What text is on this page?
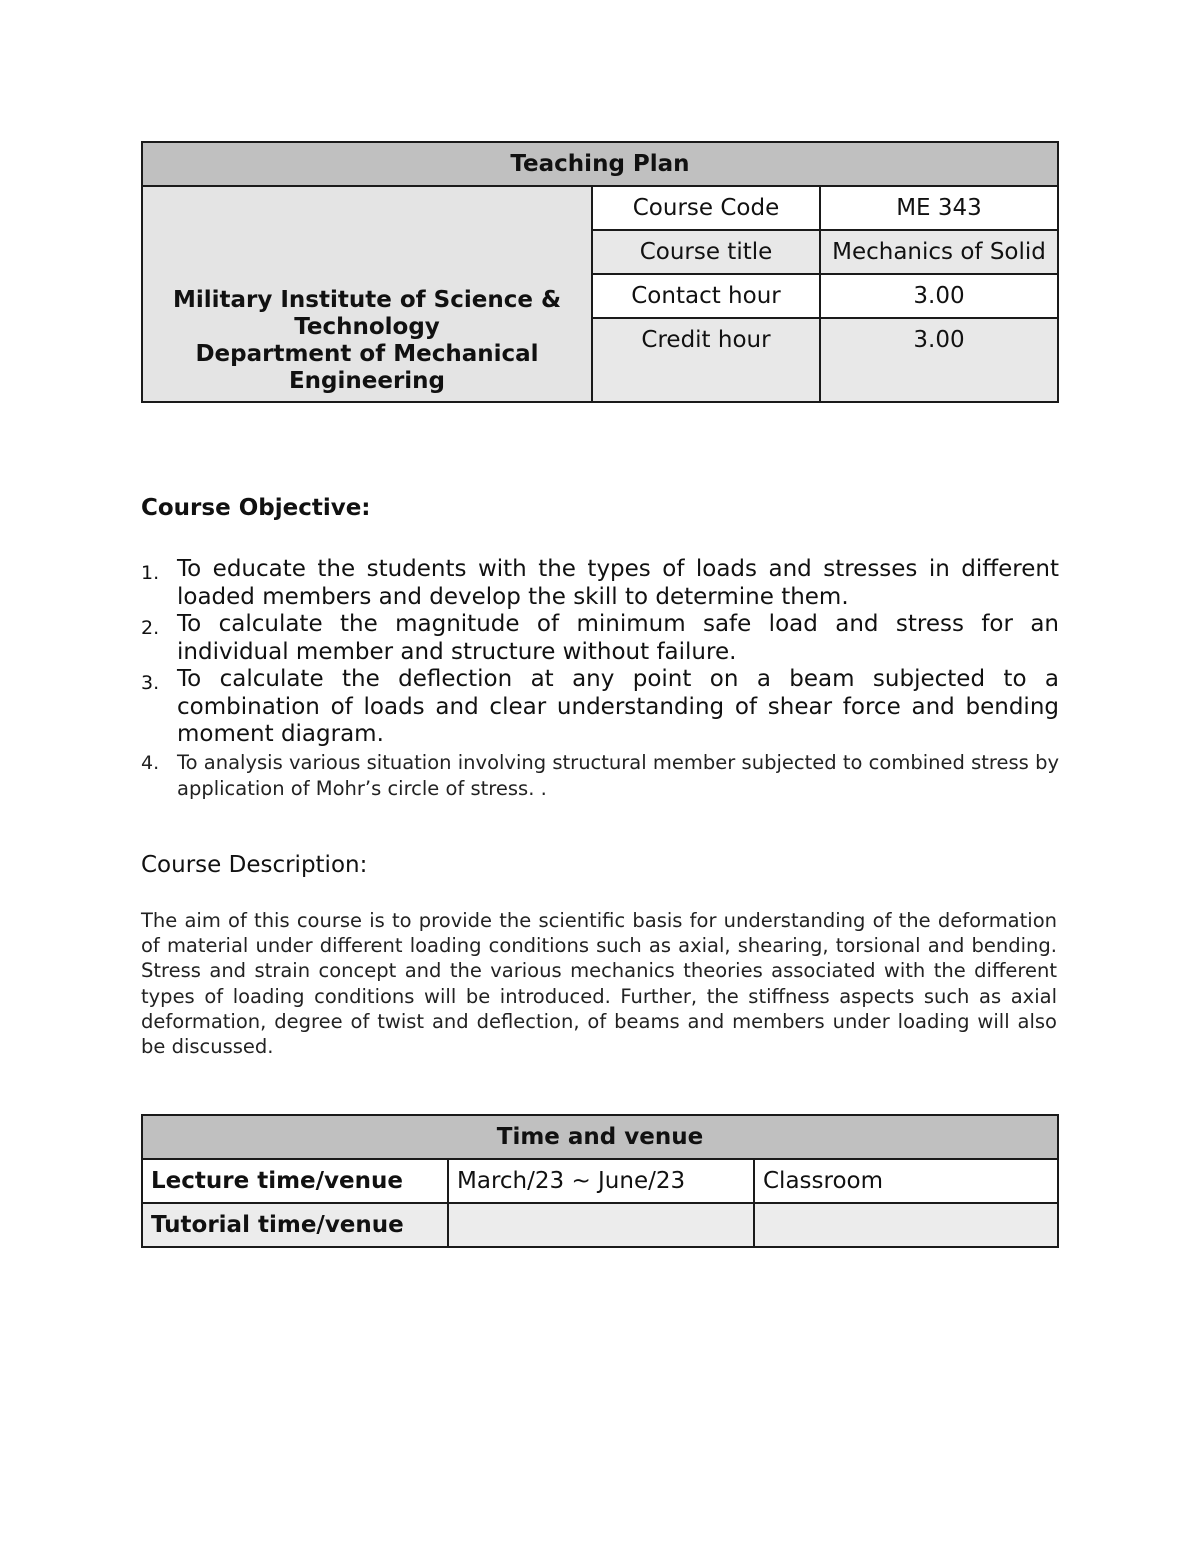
Teaching Plan		

Military Institute of Science & Technology
Department of Mechanical Engineering	Course Code	ME 343
	Course title	Mechanics of Solid
	Contact hour	3.00
	Credit hour	3.00
Course Objective:
1. To educate the students with the types of loads and stresses in different loaded members and develop the skill to determine them.
2. To calculate the magnitude of minimum safe load and stress for an individual member and structure without failure.
3. To calculate the deflection at any point on a beam subjected to a combination of loads and clear understanding of shear force and bending moment diagram.
4. To analysis various situation involving structural member subjected to combined stress by application of Mohr’s circle of stress. .
Course Description:

The aim of this course is to provide the scientific basis for understanding of the deformation of material under different loading conditions such as axial, shearing, torsional and bending. Stress and strain concept and the various mechanics theories associated with the different types of loading conditions will be introduced. Further, the stiffness aspects such as axial deformation, degree of twist and deflection, of beams and members under loading will also be discussed.

Time and venue		
Lecture time/venue	March/23 ~ June/23	Classroom
Tutorial time/venue		
